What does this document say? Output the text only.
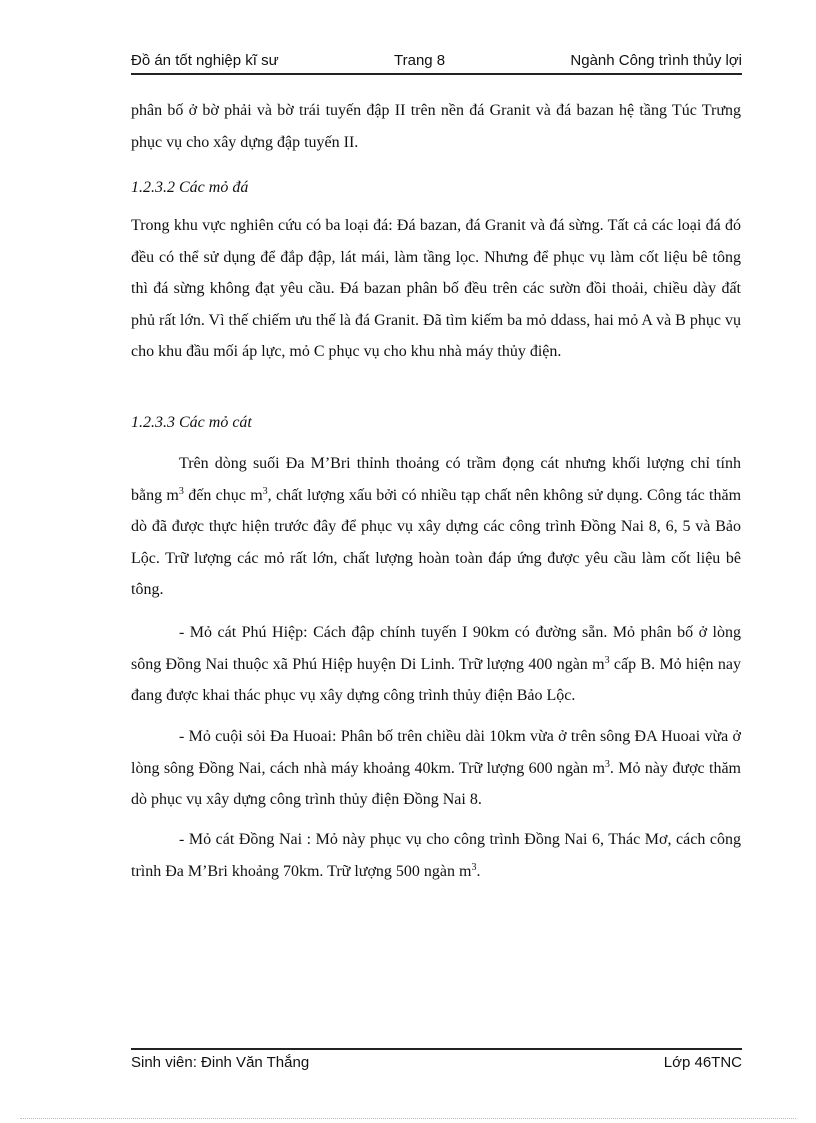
Đồ án tốt nghiệp kĩ sư	Trang 8	Ngành Công trình thủy lợi

phân bố ở bờ phải và bờ trái tuyến đập II trên nền đá Granit và đá bazan hệ tầng Túc Trưng phục vụ cho xây dựng đập tuyến II.

1.2.3.2 Các mỏ đá

Trong khu vực nghiên cứu có ba loại đá: Đá bazan, đá Granit và đá sừng. Tất cả các loại đá đó đều có thể sử dụng để đắp đập, lát mái, làm tầng lọc. Nhưng để phục vụ làm cốt liệu bê tông thì đá sừng không đạt yêu cầu. Đá bazan phân bố đều trên các sườn đồi thoải, chiều dày đất phủ rất lớn. Vì thế chiếm ưu thế là đá Granit. Đã tìm kiếm ba mỏ ddass, hai mỏ A và B phục vụ cho khu đầu mối áp lực, mỏ C phục vụ cho khu nhà máy thủy điện.

1.2.3.3 Các mỏ cát

Trên dòng suối Đa M’Bri thỉnh thoảng có trầm đọng cát nhưng khối lượng chỉ tính bằng $m^3$ đến chục $m^3$, chất lượng xấu bởi có nhiều tạp chất nên không sử dụng. Công tác thăm dò đã được thực hiện trước đây để phục vụ xây dựng các công trình Đồng Nai 8, 6, 5 và Bảo Lộc. Trữ lượng các mỏ rất lớn, chất lượng hoàn toàn đáp ứng được yêu cầu làm cốt liệu bê tông.

- Mỏ cát Phú Hiệp: Cách đập chính tuyến I 90km có đường sẵn. Mỏ phân bố ở lòng sông Đồng Nai thuộc xã Phú Hiệp huyện Di Linh. Trữ lượng 400 ngàn $m^3$ cấp B. Mỏ hiện nay đang được khai thác phục vụ xây dựng công trình thủy điện Bảo Lộc.

- Mỏ cuội sỏi Đa Huoai: Phân bố trên chiều dài 10km vừa ở trên sông ĐA Huoai vừa ở lòng sông Đồng Nai, cách nhà máy khoảng 40km. Trữ lượng 600 ngàn $m^3$. Mỏ này được thăm dò phục vụ xây dựng công trình thủy điện Đồng Nai 8.

- Mỏ cát Đồng Nai : Mỏ này phục vụ cho công trình Đồng Nai 6, Thác Mơ, cách công trình Đa M’Bri khoảng 70km. Trữ lượng 500 ngàn $m^3$.

Sinh viên: Đinh Văn Thắng	Lớp 46TNC
